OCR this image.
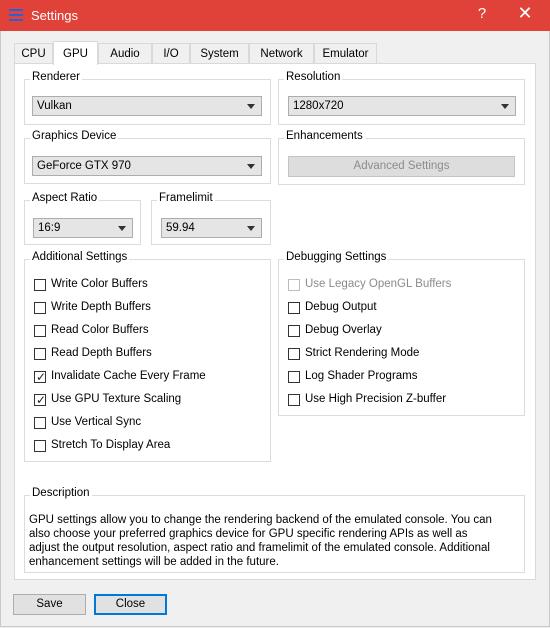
Settings	?	✕
CPU	GPU	Audio	I/O	System	Network	Emulator
Renderer
Vulkan
Resolution
1280x720
Graphics Device
GeForce GTX 970
Enhancements
Advanced Settings
Aspect Ratio
16:9
Framelimit
59.94
Additional Settings
Write Color Buffers
Write Depth Buffers
Read Color Buffers
Read Depth Buffers
✓ Invalidate Cache Every Frame
✓ Use GPU Texture Scaling
Use Vertical Sync
Stretch To Display Area
Debugging Settings
Use Legacy OpenGL Buffers
Debug Output
Debug Overlay
Strict Rendering Mode
Log Shader Programs
Use High Precision Z-buffer
Description
GPU settings allow you to change the rendering backend of the emulated console. You can also choose your preferred graphics device for GPU specific rendering APIs as well as adjust the output resolution, aspect ratio and framelimit of the emulated console. Additional enhancement settings will be added in the future.
Save	Close
